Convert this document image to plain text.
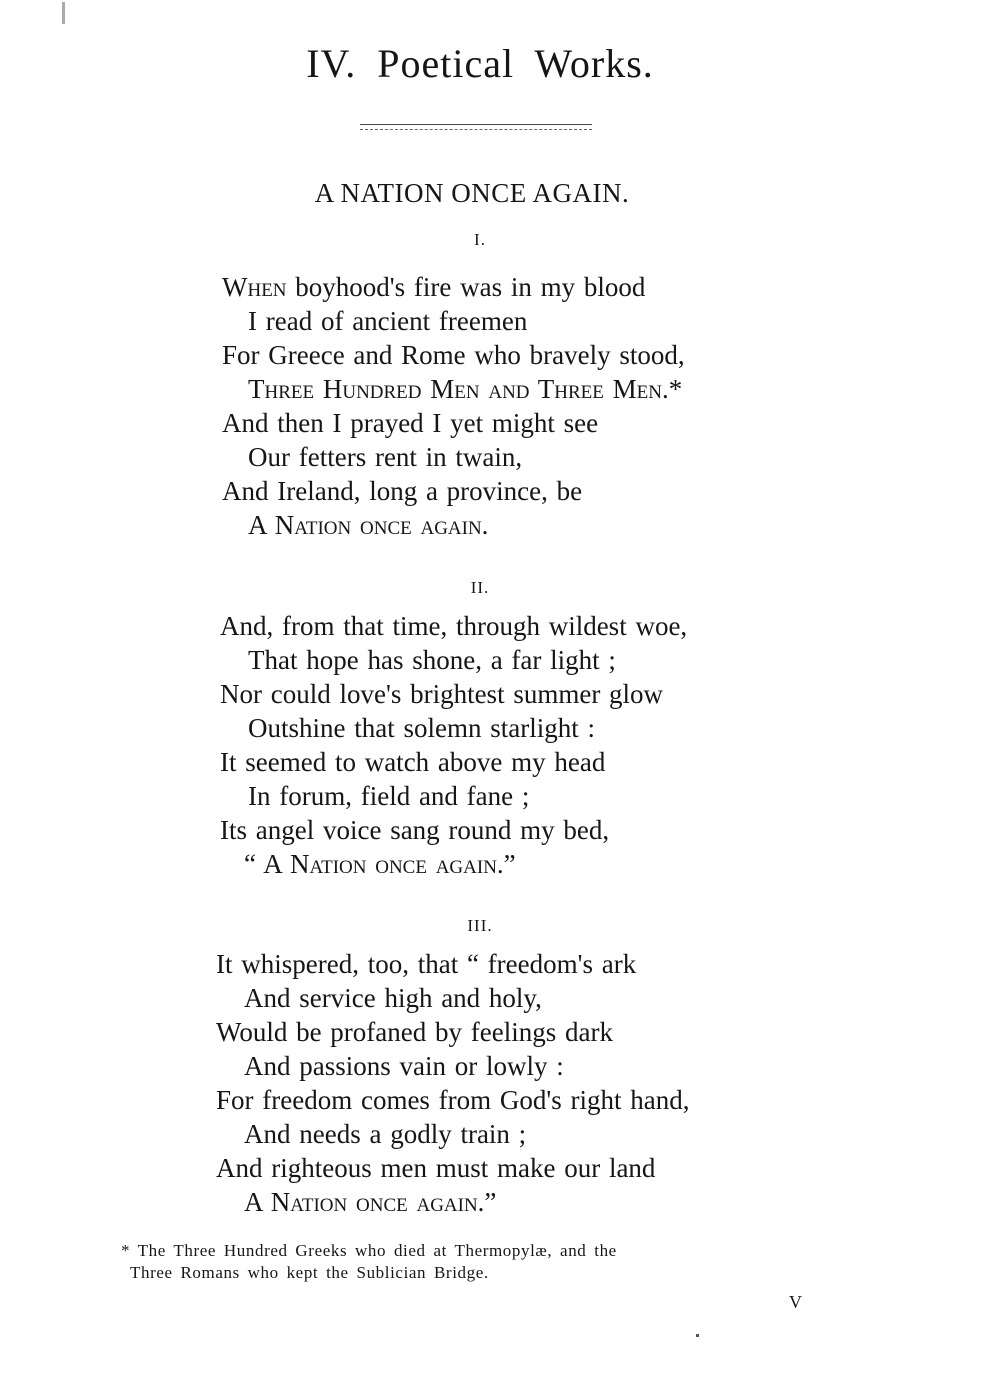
IV. Poetical Works.
A NATION ONCE AGAIN.
I.
When boyhood's fire was in my blood
I read of ancient freemen
For Greece and Rome who bravely stood,
Three Hundred Men and Three Men.*
And then I prayed I yet might see
Our fetters rent in twain,
And Ireland, long a province, be
A Nation once again.
II.
And, from that time, through wildest woe,
That hope has shone, a far light ;
Nor could love's brightest summer glow
Outshine that solemn starlight :
It seemed to watch above my head
In forum, field and fane ;
Its angel voice sang round my bed,
“ A Nation once again.”
III.
It whispered, too, that “ freedom's ark
And service high and holy,
Would be profaned by feelings dark
And passions vain or lowly :
For freedom comes from God's right hand,
And needs a godly train ;
And righteous men must make our land
A Nation once again.”
* The Three Hundred Greeks who died at Thermopylæ, and the
Three Romans who kept the Sublician Bridge.
V
